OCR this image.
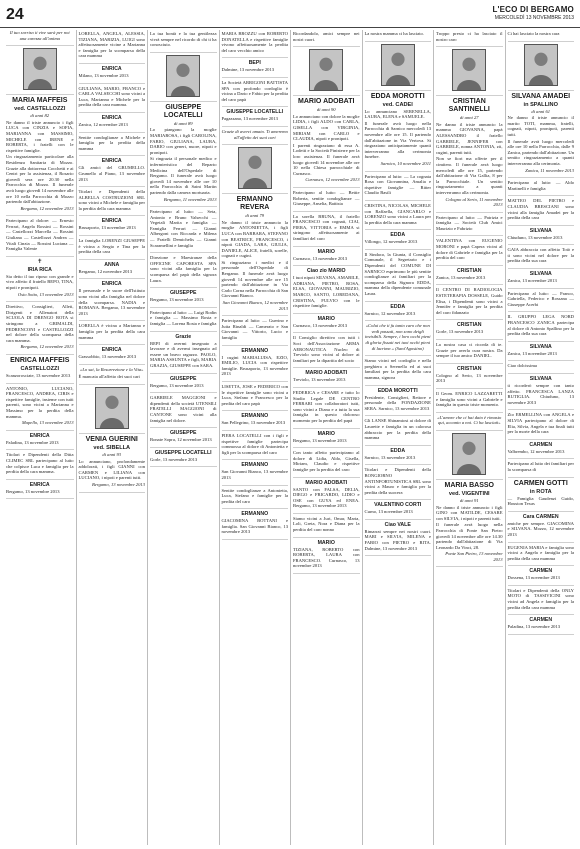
24	L'ECO DI BERGAMO
MERCOLEDÌ 13 NOVEMBRE 2013
Il tuo sorriso ti vive sarà per noi una carezza all'anima
MARIA MAFFEIS
ved. CASTELLOZZI
di anni 82
Ne danno il triste annuncio i figli LUCA con CINZIA e SOFIA, MARIANNA con MASSIMO, MICHELE con IRENE e ROBERTA, i fratelli con le rispettive famiglie.
Un ringraziamento particolare alla Residenza Sanitaria di Mozzo. Grazie alla dottoressa Cocchetti e ai Centri per la assistenza, il Rosario giovedì sera ore 20.30 nella Parrocchia di Mozzo. Il funerale avrà luogo giovedì 14 novembre alle ore 10 nella Parrocchia di Mozzo partendo dall'abitazione.
Bergamo, 12 novembre 2013
Partecipano al dolore: — Ernesto Ferrari, Angela Rossini — Rossini — Castellozzi Marcella — Rossini Giuliana — Castellozzi Andrea — Vitali Cinzia — Rossini Luciana — Famiglia Valente
✝
IRIA RICA
Sia detto il tuo riposo con grande e vivo affetto il fratello BEPO, TINA, nipoti e pronipoti.
Osio Sotto, 13 novembre 2013
Direttivo, Consiglieri, Alleti, Dirigenti e Allenatori della SCUOLA DI DRENGO ROTA si stringono a GRIMALDI, PEDRENCONI e CASTELLOZZI nel dolore della scomparsa della cara mamma.
Bergamo, 12 novembre 2013
ENRICA MAFFEIS
CASTELLOZZI
Scanzorosciate, 13 novembre 2013
ANTONIO, LUCIANO, FRANCESCO, ANDREA, CIRIS e rispettive famiglie, insieme con tutti parenti, sono vicini a Marianna e Massimo per la perdita della mamma.
Mapello, 13 novembre 2013
ENRICA
Paladina, 13 novembre 2013
Titolari e Dipendenti della Ditta CLIMEC SRL partecipano al lutto che colpisce Luca e famiglia per la perdita della cara mamma.
ENRICA
Bergamo, 13 novembre 2013
LORELLA, ANGELA, ALESSIA, TIZIANA, MARIZIA, LUIGI sono affettuosamente vicine a Marianna e famiglia per la scomparsa della cara mamma
ENRICA
Milano, 13 novembre 2013
GIULIANA, MARIO, FRANCO e CARLA VALSECCHI sono vicini a Luca, Marianna e Michele per la perdita della cara mamma.
ENRICA
Zanica, 12 novembre 2013
Sentite condoglianze a Michele e famiglia per la perdita della mamma
ENRICA
Gli amici del GRUMELLO. Grumello al Piano, 13 novembre 2013
Titolari e Dipendenti della ALBELLA COSTRUZIONI SRL sono vicini a Michele e famiglia per la perdita della cara mamma
ENRICA
Brusaporto, 13 novembre 2013
La famiglia LORENZI GIUSEPPE è vicina a Sergio e Tina per la perdita della cara
ANNA
Bergamo, 12 novembre 2013
ENRICA
Il personale e le suore dell'Istituto sono vicini alla famiglia nel dolore della scomparsa. NADIA e ROMANA. Bergamo, 13 novembre 2013
LORELLA è vicina a Marianna e famiglia per la perdita della cara mamma
ENRICA
Grassobbio, 13 novembre 2013
«Lo sai, la Resurrezione e la Vita»
È mancata all'affetto dei suoi cari
VENIA GUERINI
ved. SIBELLA
di anni 93
Lo annunciano, profondamente addolorati, i figli GIANNI con CARMEN e LILIANA con LUCIANO, i nipoti e parenti tutti.
Bergamo, 13 novembre 2013
La tua bontà e la tua gentilezza vivrà sempre nel ricordo di chi ti ha conosciuto.
GIUSEPPE LOCATELLI
di anni 89
Lo piangono la moglie MARIAROSA, i figli CAROLINA, FABIO, GIULIANA, LAURA, DARIO con generi, nuore, nipoti e pronipoti.
Si ringrazia il personale medico e infermieristico del Reparto Medicina dell'Ospedale di Bergamo. Il funerale avrà luogo giovedì 14 novembre alle ore 10 nella Parrocchia di Saint Martin partendo dalla camera mortuaria.
Bergamo, 11 novembre 2013
Partecipano al lutto: — Seta, Antonio e Bruno Valsecchi — Vegetali Marita e famiglia — Famiglia Ferrari — Gianni Albergoni con Riccarda e Milena — Fratelli Demichelis — Gianni Scaramellini e famiglia
Direzione e Maestranze della OFFICINE CAPORESTA SPA sono vicini alla famiglia per la scomparsa del papà della signora Laura.
GIUSEPPE
Bergamo, 13 novembre 2013
Partecipano al lutto: — Luigi Rodin e famiglia — Massimo Rosta e famiglia — Lorena Rosta e famiglia
Grazie
BEPI di avermi insegnato a lavorare e di avermi insegnato ad essere un bravo ragazzo. PAOLO, MARIA ASSUNTA e figli, MARIA GRAZIA, GIUSEPPE con SARA.
GIUSEPPE
Bergamo, 13 novembre 2013
GABRIELE MAGGIONI e dipendenti della società UTENSILI FRATELLI MAGGIONI di CANTONE sono vicini alla famiglia nel dolore.
GIUSEPPE
Bonate Sopra, 12 novembre 2013
GIUSEPPE LOCATELLI
Gorle, 13 novembre 2013
MARIA BROZZU con ROBERTO DONATELLA e rispettive famiglie vivono affettuosamente la perdita del caro vecchio amico
BEPI
Dalmine, 13 novembre 2013
La Società ARRIGONI BATTISTA SPA con profondo cordoglio è vicina a Dario e Fabio per la perdita del caro papà
GIUSEPPE LOCATELLI
Pagazzano, 13 novembre 2013
Grazie di averci amato. Ti ameremo all'affetto dei suoi cari
ERMANNO REVERA
di anni 79
Ne danno il triste annuncio la moglie ANTONIETTA, i figli LUCA con BARBARA, STEFANO con BEATRICE, FRANCESCO, i nipoti GIADA, LARA, GIULIA, DANIELE, ALICE, fratelli, sorelle, cognati e cugini.
Si ringraziano i medici e il personale dell'Ospedale di Bergamo. Il funerale avrà luogo giovedì 14 novembre alle ore 15 partendo dall'abitazione in Via Carlo Corna nella Parrocchia di San Giovanni Bianco.
San Giovanni Bianco, 12 novembre 2013
Partecipano al lutto: — Guerino e Jutta Rinaldi — Camerato e San Giovanni — Vittorio, Lucio e famiglia
ERMANNO
I cugini MARIALUISA, EZIO, EMILIO, LUCIA con rispettive famiglie. Brusaporto, 13 novembre 2013
LISETTA, JOSE e FEDERICO con le rispettive famiglie sono vicini a Luca, Stefano e Francesco per la perdita del caro papà
ERMANNO
San Pellegrino, 13 novembre 2013
PIERA LOCATELLI con i figli e rispettive famiglie partecipa commossa al dolore di Antonietta e figli per la scomparsa del caro
ERMANNO
San Giovanni Bianco, 13 novembre 2013
Sentite condoglianze a Antonietta, Luca, Stefano e famiglie per la perdita del caro
ERMANNO
GIACOMINA BOTTANI e famiglia. San Giovanni Bianco, 13 novembre 2013
Ricordandolo, amici sempre nei nostri cuori.
MARIO ADOBATI
di anni 90
Lo annunciano con dolore la moglie LIDIA, i figli ALDO con CARLA, GISELLA con VIRGINIA, MIRIAM con CARLO e CLAUDIA, nipoti e pronipoti.
I parenti ringraziano di essa A. Lodetti e la Società Finisterre per la loro assistenza. Il funerale avrà luogo giovedì 14 novembre alle ore 10 nella Chiesa parrocchiale di Curnasco.
Curnasco, 12 novembre 2013
Partecipano al lutto: — Bettie Roberta, sentite condoglianze — Giuseppe, Anselia, Battista
La sorella BRUNA, il fratello FRANCESCO con cognati, CIAI, PIERA, VITTORIA e EMMA si stringono affettuosamente ai familiari del caro
MARIO
Curnasco, 13 novembre 2013
Ciao zio MARIO
I tuoi nipoti SILVANA, AMABILE, ADRIANA, PIETRO, ROSA, ELSA, GIOVANNI, MAURIZIO, MARCO, SANTO, LOREDANA, CRISTINA, FULVIO con le rispettive famiglie.
MARIO
Curnasco, 13 novembre 2013
Il Consiglio direttivo con tutti i Soci dell'Associazione ARMA AERONAUTICA Nucleo di Treviolo sono vicini al dolore ai familiari per la dipartita del socio
MARIO ADOBATI
Treviolo, 13 novembre 2013
FEDERICA e CESARE e tutto lo Studio Legale DE CENTRO FERRARI con collaboratori tutti, sono vicini a Diana e a tutta la sua famiglia in questo doloroso momento per la perdita del papà
MARIO
Bergamo, 13 novembre 2013
Con tanto affetto partecipiamo al dolore di Lidia, Aldo, Gisella, Miriam, Claudio e rispettive famiglie per la perdita del caro
MARIO ADOBATI
SANTO con FALSA, DELIA, DIEGO e FRICARDO, LIDIO e OSE con GUYA ed ENEA. Bergamo, 13 novembre 2013
Siamo vicini a Juri, Omar, Marta, Loli, Greta, Nora e Diana per la perdita del caro nonno
MARIO
TIZIANA, ROBERTO con ROBERTA, LAURA con FRANCESCO. Curnasco, 13 novembre 2013
La nostra mamma ci ha lasciato.
EDDA MOROTTI
ved. CADEI
Lo annunciano SERENELLA, LAURA, ELENA e SAMUELE.
Il funerale avrà luogo nella Parrocchia di Sarnico mercoledì 13 novembre alle ore 15. Il partendo dall'abitazione in Via Vertova. Si ringraziano anticipatamente quanti interverranno alla cerimonia funebre.
Sarnico, 10 novembre 2011
Partecipano al lutto: — La cognata Rosa con Giovannina, Amalia e rispettive famiglie — Ritter Claudio Basili
CRISTINA, NICOLAS, MICHELE con Raffaella, GIANCARLO e LORENZO sono vicini a Laura per la perdita della cara mamma
EDDA
Villongo, 12 novembre 2013
Il Sindaco, la Giunta, il Consiglio Comunale, il Segretario e i Dipendenti del COMUNE DI SARNICO esprimono le più sentite condoglianze ai familiari per la scomparsa della Signora EDDA, mamma della dipendente comunale Laura.
EDDA
Sarnico, 12 novembre 2013
«Colui che ti fu tanto caro che non vedi passati, non sono deigli invisibili. Sempre, i loro occhi pieni di gloria fissati nei tuoi occhi pieni di lacrime.» (Sant'Agostino)
Siamo vicini nel cordoglio e nella preghiera a Serenella ed ai suoi familiari per la perdita della cara mamma, signora
EDDA MOROTTI
Presidente, Consiglieri, Rettore e personale della FONDAZIONE SERA. Sarnico, 13 novembre 2013
Gli LANSE Shinamiosi ai dolore di Laurette e famiglia in un calorosa abbraccio per la perdita della mamma
EDDA
Sarnico, 13 novembre 2013
Titolari e Dipendenti della BONGIORNO ANTINFORTUNISTICA SRL sono vicini a Mauro e famiglia per la perdita della suocera
VALENTINO CORTI
Curno, 13 novembre 2013
Ciao VALE
Rimarrai sempre nei nostri cuori. MARI e SILVIA, MILENA e FABIO con PIETRO e RITA. Dalmine, 13 novembre 2013
Troppo presto ci ha lasciato il nostro caro
CRISTIAN SANTINELLI
di anni 27
Ne danno il triste annuncio la mamma GIOVANNA, papà ALESSANDRO il fratello GABRIELE, JENNIFER con GABRIELE, nonna ANTONIA, zii, cugini, parenti tutti.
Non se fiori ma offerte per il cimitero. Il funerale avrà luogo mercoledì alle ore 15, partendo dall'abitazione di Via Gallia, 8 per la Parrocchiale. Un sentito ringraziamento a quanti interverranno alla cerimonia.
Cologno al Serio, 11 novembre 2013
Partecipano al lutto: — Patrizia e famiglia — Società Club Amici Maurizio e Fabrizio
VALENTINA con EUGENIO MORONI e papà Capera vicini al dolore di Gabriele e famiglia per la perdita del caro
CRISTIAN
Zanica, 13 novembre 2013
Il CENTRO DI RADIOLOGIA ESTETERAPIA DOSSELE, Guido Elisa, i Dipendenti sono vicini a Jennifer e famiglia per la perdita del caro fidanzato
CRISTIAN
Gorle, 13 novembre 2013
La nostra casa ci ricorda di te. Grazie per averla cura nostra. Da sempre il tuo amico DANIEL.
CRISTIAN
Cologno al Serio, 13 novembre 2013
Il Geom. ENRICO LAZZARETTI e famiglia sono vicini a Gabriele e famiglia in questo triste momento.
«L'amore che ci hai dato è rimasto qui, accanto a noi. Ci ha lasciati»
MARIA BASSO
ved. VIGENTINI
di anni 91
Ne danno il triste annuncio i figli GINO con MATILDE, CESARE con SILVIA, i nipoti e parenti tutti.
Il funerale avrà luogo nella Parrocchia di Ponte San Pietro giovedì 14 novembre alle ore 14.30 partendo dall'abitazione di Via Leonardo Da Vinci, 28.
Ponte San Pietro, 13 novembre 2013
Ci hai lasciato la nostra cara
SILVANA AMADEI
in SPALLINO
di anni 61
Ne danno il triste annuncio il marito TOTI, mamma, fratelli, cognati, nipoti, pronipoti, parenti tutti.
Il funerale avrà luogo mercoledì alle ore 10 nella Parrocchia, dalle 9 Zanica, partendo dall'abitazione. Un sentito ringraziamento a quanti interverranno alla cerimonia.
Zanica, 11 novembre 2013
Partecipano al lutto: — Aldo Martinelli e famiglia
MATTEO DEL PIETRO e CLAUDIA BRESCIANI sono vicini alla famiglia Amadei per la perdita della cara
SILVANA
Chiuduno, 13 novembre 2013
GAIA abbraccia con affetto Totò e ti sono vicini nel dolore per la perdita della sua cara
SILVANA
Zanica, 13 novembre 2013
Partecipano al lutto: — Franco, Gabriella, Federico e Rossana — Giuseppe Acerbi
IL GRUPPO LEGA NORD FRANCESCO ZANICA partecipa al dolore di Antonio Spallino per la perdita della sua cara
SILVANA
Zanica, 13 novembre 2013
Ciao dolcissima
SILVANA
ti ricorderò sempre con tanto affetto. FRANCESCA LANZA RUTIGLIA. Chiuduno, 13 novembre 2013
Zio ERMELLINA con ANGELA e SILVIA partecipano al dolore di Elia, Silvia, Angela e tua finali tutti per la morte della cara
CARMEN
Valbrembo, 12 novembre 2013
Partecipano al lutto dei familiari per la scomparsa di
CARMEN GOTTI
in ROTA
— Famiglia Gaudenzi Guido, Houston Texas
Cara CARMEN
amiche per sempre. GIACOMINA e SILVANA. Mozzo, 12 novembre 2013
EUGENIA MARIA e famiglia sono vicini a Angela e famiglia per la perdita della cara mamma
CARMEN
Dossena, 13 novembre 2013
Titolari e Dipendenti della ONLY MOTO di TASSIVICINI sono vicini ad Angela e famiglia per la perdita della cara mamma
CARMEN
Paladina, 13 novembre 2013
